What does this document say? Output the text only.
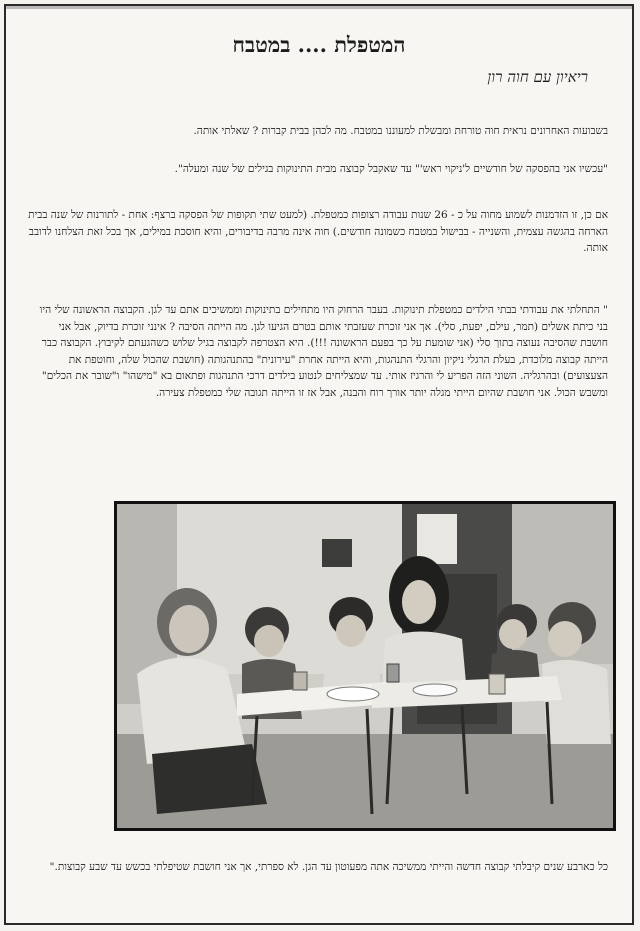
המטפלת .... במטבח
ריאיון עם חוה רון

בשבועות האחרונים נראית חוה טורחת ומבשלת למעוננו במטבח. מה לכהן בבית קברות ? שאלתי אותה.

"עכשיו אני בהפסקה של חודשיים ל'ניקוי ראש'" עד שאקבל קבוצה מבית התינוקות בגילים של שנה ומעלה".

אם כן, זו הזדמנות לשמוע מחוה על כ - 26 שנות עבודה רצופות כמטפלת. (למעט שתי תקופות של הפסקה ברצף: אחת - לתורנות של שנה בבית הארחה בהגשה עצמית, והשנייה - בבישול במטבח כשמונה חודשים.) חוה אינה מרבה בדיבורים, והיא חוסכת במילים, אך בכל זאת הצלחנו לדובב אותה.

" התחלתי את עבודתי בבתי הילדים כמטפלת תינוקות. בעבר הרחוק היו מתחילים בתינוקות וממשיכים אתם עד לגן. הקבוצה הראשונה שלי היו בני כיתת אשלים (תמר, עילם, יפעת, סלי). אך אני זוכרת שעזבתי אותם בטרם הגיעו לגן. מה הייתה הסיבה ? אינני זוכרת בדיוק, אבל אני חושבת שהסיבה נעוצה בתוך סלי (אני שומעת על כך בפעם הראשונה !!!). היא הצטרפה לקבוצה בגיל שלוש כשהגעתם לקיבוץ. הקבוצה כבר הייתה קבוצה מלוכדת, בעלת הרגלי ניקיון והרגלי התנהגות, והיא הייתה אחרת "עירונית" בהתנהגותה (חושבת שהכול שלה, וחוטפת את הצעצועים) ובהרגליה. השוני הזה הפריע לי והרגיז אותי. עד שמצליחים לנטוע בילדים דרכי התנהגות ופתאום בא "מישהו" ו"שובר את הכלים" ומשבש הכול. אני חושבת שהיום הייתי מגלה יותר אורך רוח והבנה, אבל אז זו הייתה תגובה שלי כמטפלת צעירה.

כל כארבע שנים קיבלתי קבוצה חדשה והייתי ממשיכה אתה מפעוטון עד הגן. לא ספרתי, אך אני חושבת שטיפלתי בכשש עד שבע קבוצות."
